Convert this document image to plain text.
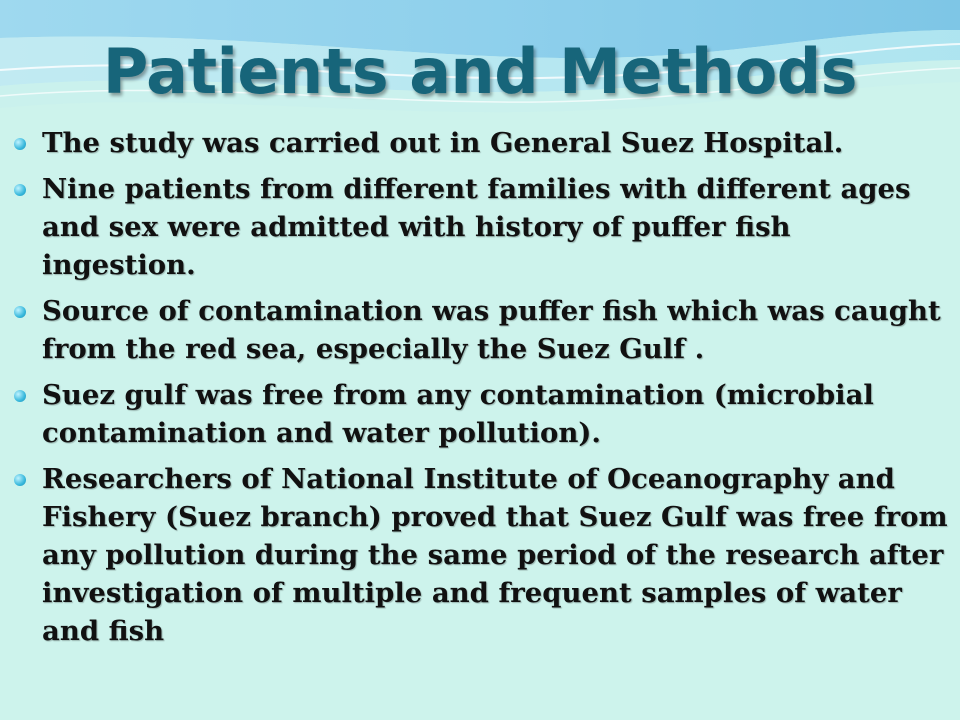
Patients and Methods
The study was carried out in General Suez Hospital.
Nine patients from different families with different ages and sex were admitted with history of puffer fish ingestion.
Source of contamination was puffer fish which was caught from the red sea, especially the Suez Gulf .
Suez gulf was free from any contamination (microbial contamination and water pollution).
Researchers of National Institute of Oceanography and Fishery (Suez branch) proved that Suez Gulf was free from any pollution during the same period of the research after investigation of multiple and frequent samples of water and fish
